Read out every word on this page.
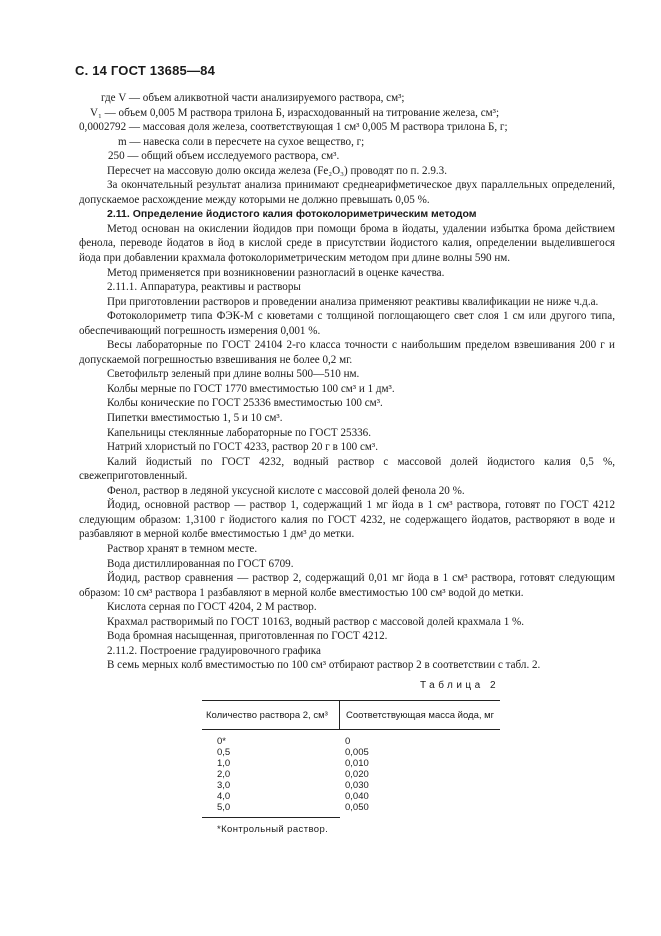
С. 14 ГОСТ 13685—84
где V — объем аликвотной части анализируемого раствора, см³;
V₁ — объем 0,005 М раствора трилона Б, израсходованный на титрование железа, см³;
0,0002792 — массовая доля железа, соответствующая 1 см³ 0,005 М раствора трилона Б, г;
m — навеска соли в пересчете на сухое вещество, г;
250 — общий объем исследуемого раствора, см³.

Пересчет на массовую долю оксида железа (Fe₂O₃) проводят по п. 2.9.3.

За окончательный результат анализа принимают среднеарифметическое двух параллельных определений, допускаемое расхождение между которыми не должно превышать 0,05 %.

2.11. Определение йодистого калия фотоколориметрическим методом

Метод основан на окислении йодидов при помощи брома в йодаты, удалении избытка брома действием фенола, переводе йодатов в йод в кислой среде в присутствии йодистого калия, определении выделившегося йода при добавлении крахмала фотоколориметрическим методом при длине волны 590 нм.

Метод применяется при возникновении разногласий в оценке качества.

2.11.1. Аппаратура, реактивы и растворы

При приготовлении растворов и проведении анализа применяют реактивы квалификации не ниже ч.д.а.

Фотоколориметр типа ФЭК-М с кюветами с толщиной поглощающего свет слоя 1 см или другого типа, обеспечивающий погрешность измерения 0,001 %.

Весы лабораторные по ГОСТ 24104 2-го класса точности с наибольшим пределом взвешивания 200 г и допускаемой погрешностью взвешивания не более 0,2 мг.

Светофильтр зеленый при длине волны 500—510 нм.

Колбы мерные по ГОСТ 1770 вместимостью 100 см³ и 1 дм³.

Колбы конические по ГОСТ 25336 вместимостью 100 см³.

Пипетки вместимостью 1, 5 и 10 см³.

Капельницы стеклянные лабораторные по ГОСТ 25336.

Натрий хлористый по ГОСТ 4233, раствор 20 г в 100 см³.

Калий йодистый по ГОСТ 4232, водный раствор с массовой долей йодистого калия 0,5 %, свежеприготовленный.

Фенол, раствор в ледяной уксусной кислоте с массовой долей фенола 20 %.

Йодид, основной раствор — раствор 1, содержащий 1 мг йода в 1 см³ раствора, готовят по ГОСТ 4212 следующим образом: 1,3100 г йодистого калия по ГОСТ 4232, не содержащего йодатов, растворяют в воде и разбавляют в мерной колбе вместимостью 1 дм³ до метки.

Раствор хранят в темном месте.

Вода дистиллированная по ГОСТ 6709.

Йодид, раствор сравнения — раствор 2, содержащий 0,01 мг йода в 1 см³ раствора, готовят следующим образом: 10 см³ раствора 1 разбавляют в мерной колбе вместимостью 100 см³ водой до метки.

Кислота серная по ГОСТ 4204, 2 М раствор.

Крахмал растворимый по ГОСТ 10163, водный раствор с массовой долей крахмала 1 %.

Вода бромная насыщенная, приготовленная по ГОСТ 4212.

2.11.2. Построение градуировочного графика

В семь мерных колб вместимостью по 100 см³ отбирают раствор 2 в соответствии с табл. 2.

Таблица 2
Количество раствора 2, см³	Соответствующая масса йода, мг
0*	0
0,5	0,005
1,0	0,010
2,0	0,020
3,0	0,030
4,0	0,040
5,0	0,050
*Контрольный раствор.
